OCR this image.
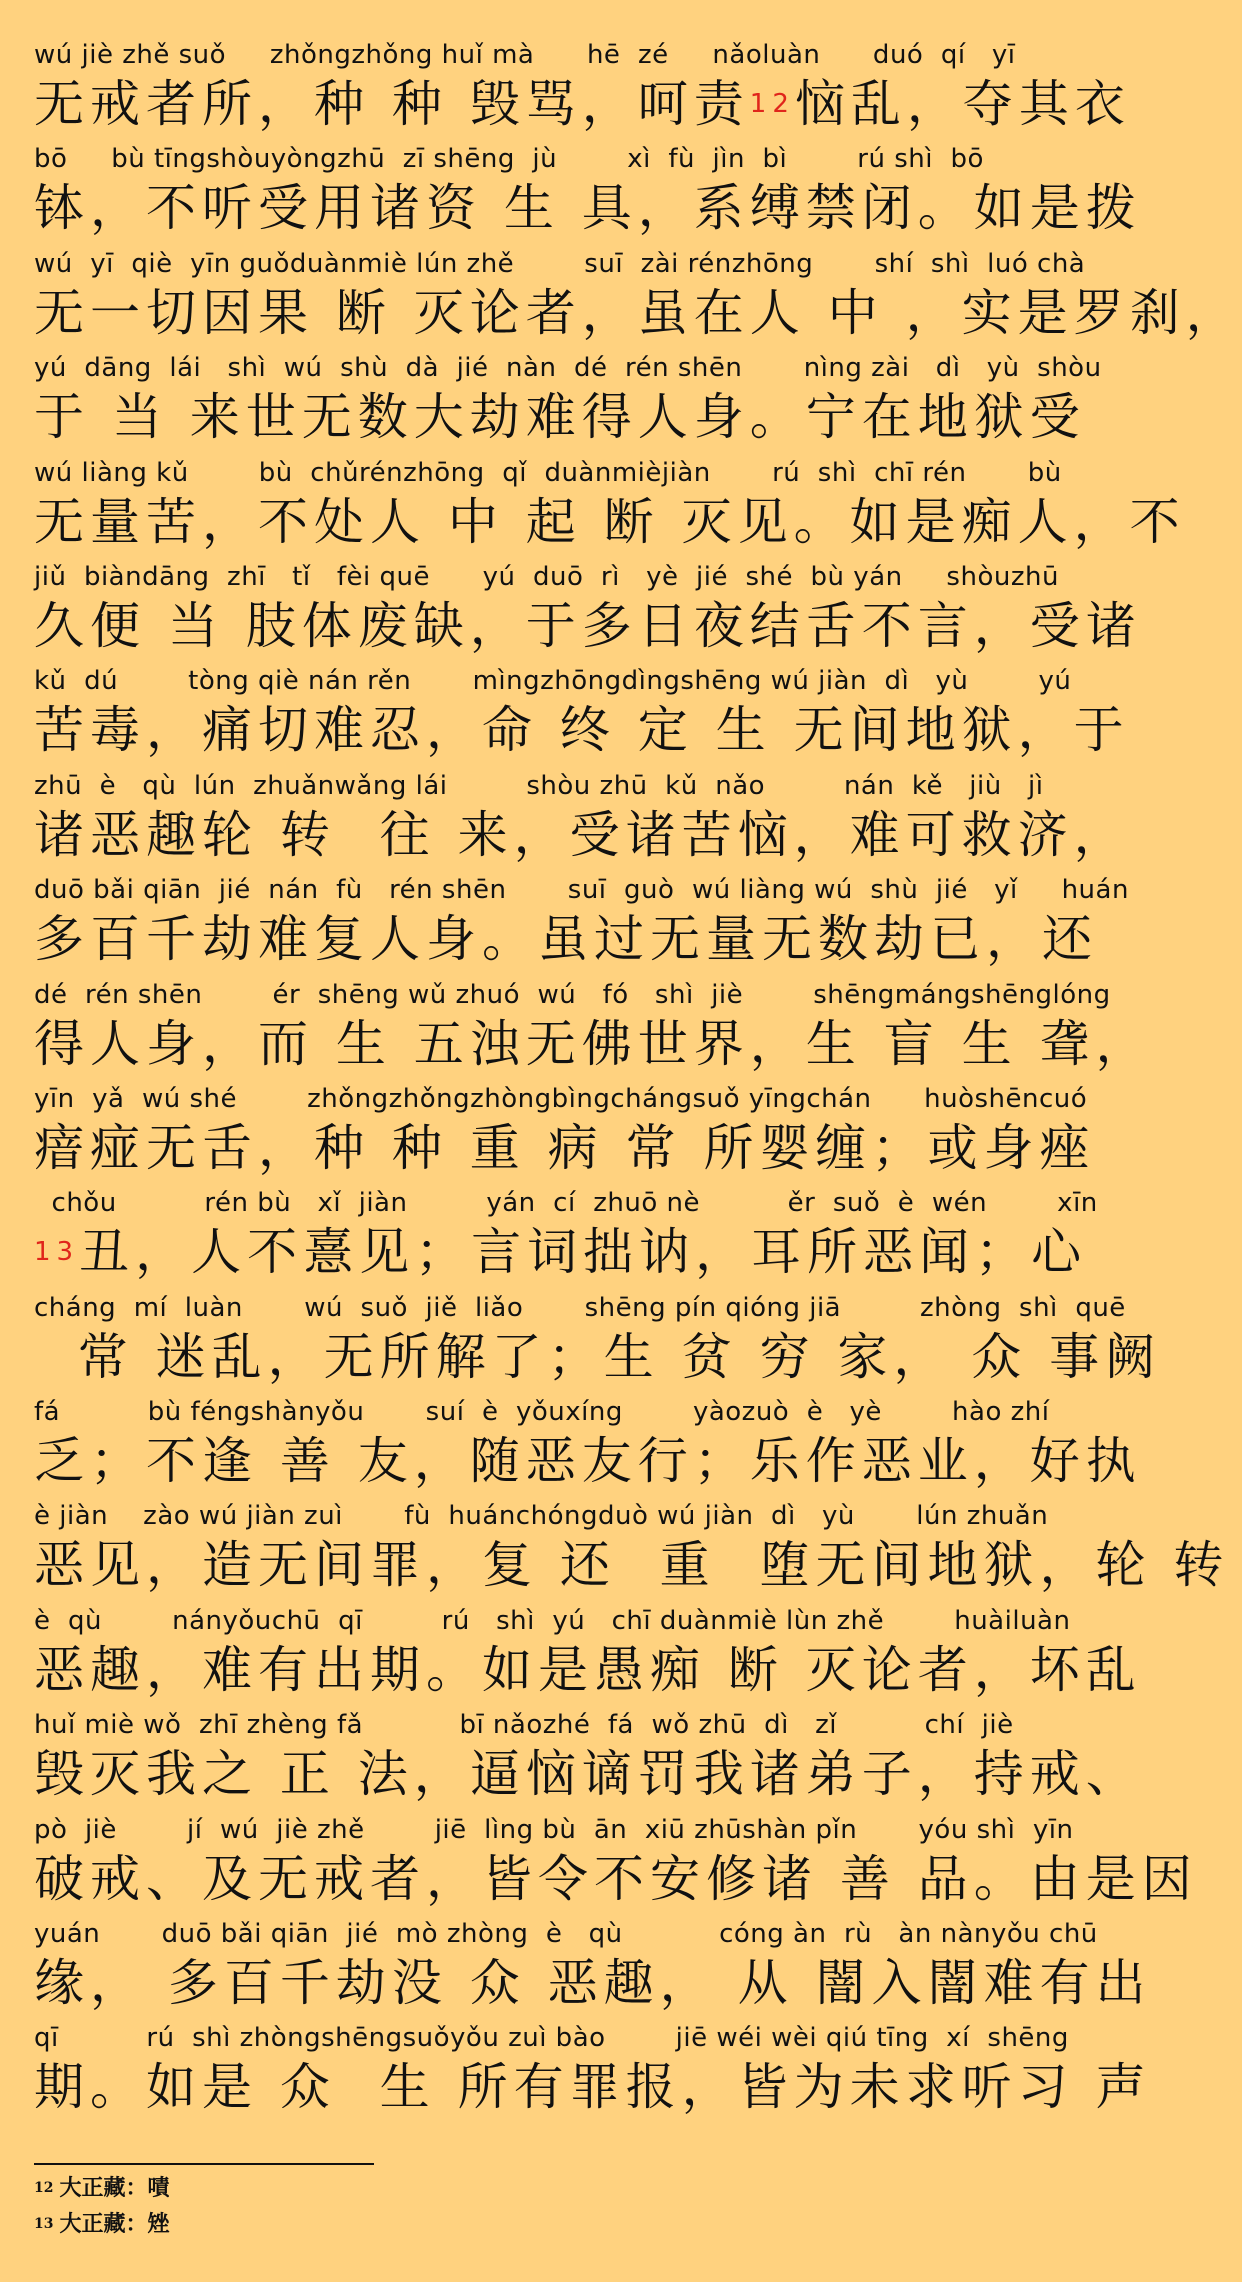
wú jiè zhě suǒ     zhǒngzhǒng huǐ mà      hē  zé     nǎoluàn      duó  qí   yī
无戒者所，种 种 毁骂，呵责$^{12}$恼乱，夺其衣
bō     bù tīngshòuyòngzhū  zī shēng  jù        xì  fù  jìn  bì        rú shì  bō
钵，不听受用诸资 生 具，系缚禁闭。如是拨
wú  yī  qiè  yīn guǒduànmiè lún zhě        suī  zài rénzhōng       shí  shì  luó chà
无一切因果 断 灭论者，虽在人 中 ，实是罗刹，
yú  dāng  lái   shì  wú  shù  dà  jié  nàn  dé  rén shēn       nìng zài   dì   yù  shòu
于 当 来世无数大劫难得人身。宁在地狱受
wú liàng kǔ        bù  chǔrénzhōng  qǐ  duànmièjiàn       rú  shì  chī rén       bù
无量苦，不处人 中 起 断 灭见。如是痴人，不
jiǔ  biàndāng  zhī   tǐ   fèi quē      yú  duō  rì   yè  jié  shé  bù yán     shòuzhū
久便 当 肢体废缺，于多日夜结舌不言，受诸
kǔ  dú        tòng qiè nán rěn       mìngzhōngdìngshēng wú jiàn  dì   yù        yú
苦毒，痛切难忍，命 终 定 生 无间地狱，于
zhū  è   qù  lún  zhuǎnwǎng lái         shòu zhū  kǔ  nǎo         nán  kě   jiù   jì
诸恶趣轮 转  往 来，受诸苦恼，难可救济，
duō bǎi qiān  jié  nán  fù   rén shēn       suī  guò  wú liàng wú  shù  jié   yǐ     huán
多百千劫难复人身。虽过无量无数劫已，还
dé  rén shēn        ér  shēng wǔ zhuó  wú   fó   shì  jiè        shēngmángshēnglóng
得人身，而 生 五浊无佛世界，生 盲 生 聋，
yīn  yǎ  wú shé        zhǒngzhǒngzhòngbìngchángsuǒ yīngchán      huòshēncuó
瘖痖无舌，种 种 重 病 常 所婴缠；或身痤
chǒu          rén bù   xǐ  jiàn         yán  cí  zhuō nè          ěr  suǒ  è  wén        xīn
$^{13}$丑，人不憙见；言词拙讷，耳所恶闻；心
cháng  mí  luàn       wú  suǒ  jiě  liǎo       shēng pín qióng jiā         zhòng  shì  quē
常 迷乱，无所解了；生 贫 穷 家， 众 事阙
fá          bù féngshànyǒu       suí  è  yǒuxíng        yàozuò  è   yè        hào zhí
乏；不逢 善 友，随恶友行；乐作恶业，好执
è jiàn    zào wú jiàn zuì       fù  huánchóngduò wú jiàn  dì   yù       lún zhuǎn
恶见，造无间罪，复 还  重  堕无间地狱，轮 转
è  qù        nányǒuchū  qī         rú   shì  yú   chī duànmiè lùn zhě        huàiluàn
恶趣，难有出期。如是愚痴 断 灭论者，坏乱
huǐ miè wǒ  zhī zhèng fǎ           bī nǎozhé  fá  wǒ zhū  dì   zǐ          chí  jiè
毁灭我之 正 法，逼恼谪罚我诸弟子，持戒、
pò  jiè        jí  wú  jiè zhě        jiē  lìng bù  ān  xiū zhūshàn pǐn       yóu shì  yīn
破戒、及无戒者，皆令不安修诸 善 品。由是因
yuán       duō bǎi qiān  jié  mò zhòng  è   qù           cóng àn  rù   àn nànyǒu chū
缘， 多百千劫没 众 恶趣， 从 闇入闇难有出
qī          rú  shì zhòngshēngsuǒyǒu zuì bào        jiē wéi wèi qiú tīng  xí  shēng
期。如是 众  生 所有罪报，皆为未求听习 声
$^{12}$ 大正藏：嘖
$^{13}$ 大正藏：矬
